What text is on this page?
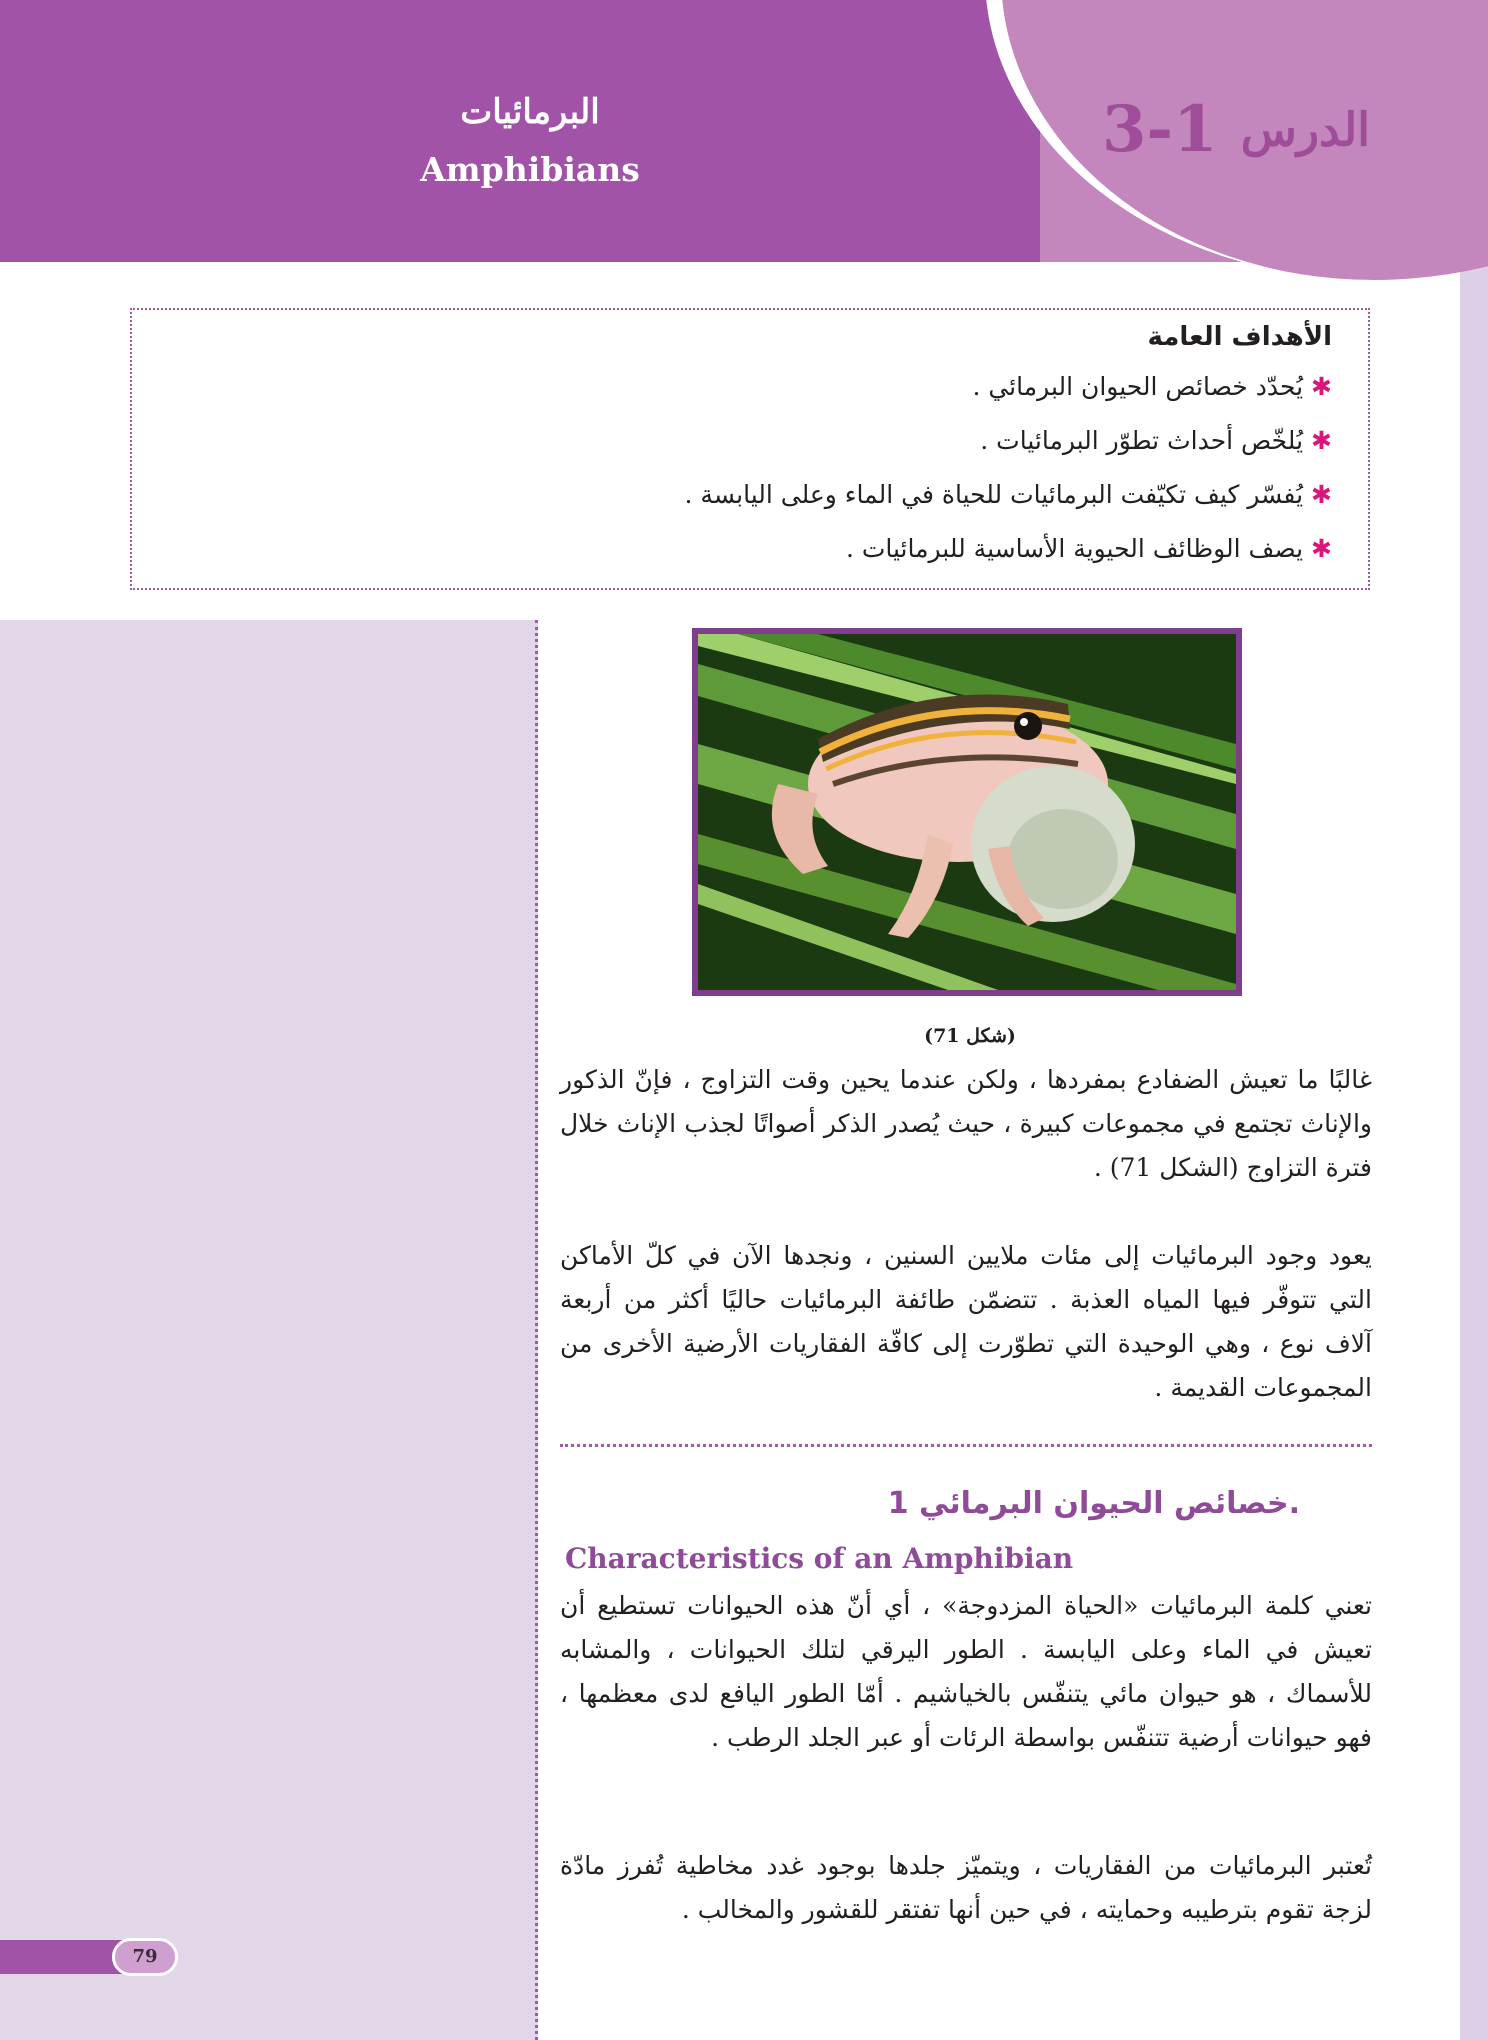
الدرس 3-1
البرمائيات
Amphibians
الأهداف العامة
✱يُحدّد خصائص الحيوان البرمائي .
✱يُلخّص أحداث تطوّر البرمائيات .
✱يُفسّر كيف تكيّفت البرمائيات للحياة في الماء وعلى اليابسة .
✱يصف الوظائف الحيوية الأساسية للبرمائيات .
(شكل 71)

غالبًا ما تعيش الضفادع بمفردها ، ولكن عندما يحين وقت التزاوج ، فإنّ الذكور والإناث تجتمع في مجموعات كبيرة ، حيث يُصدر الذكر أصواتًا لجذب الإناث خلال فترة التزاوج (الشكل 71) .

يعود وجود البرمائيات إلى مئات ملايين السنين ، ونجدها الآن في كلّ الأماكن التي تتوفّر فيها المياه العذبة . تتضمّن طائفة البرمائيات حاليًا أكثر من أربعة آلاف نوع ، وهي الوحيدة التي تطوّرت إلى كافّة الفقاريات الأرضية الأخرى من المجموعات القديمة .

خصائص الحيوان البرمائي 1.
Characteristics of an Amphibian

تعني كلمة البرمائيات «الحياة المزدوجة» ، أي أنّ هذه الحيوانات تستطيع أن تعيش في الماء وعلى اليابسة . الطور اليرقي لتلك الحيوانات ، والمشابه للأسماك ، هو حيوان مائي يتنفّس بالخياشيم . أمّا الطور اليافع لدى معظمها ، فهو حيوانات أرضية تتنفّس بواسطة الرئات أو عبر الجلد الرطب .

تُعتبر البرمائيات من الفقاريات ، ويتميّز جلدها بوجود غدد مخاطية تُفرز مادّة لزجة تقوم بترطيبه وحمايته ، في حين أنها تفتقر للقشور والمخالب .

79
